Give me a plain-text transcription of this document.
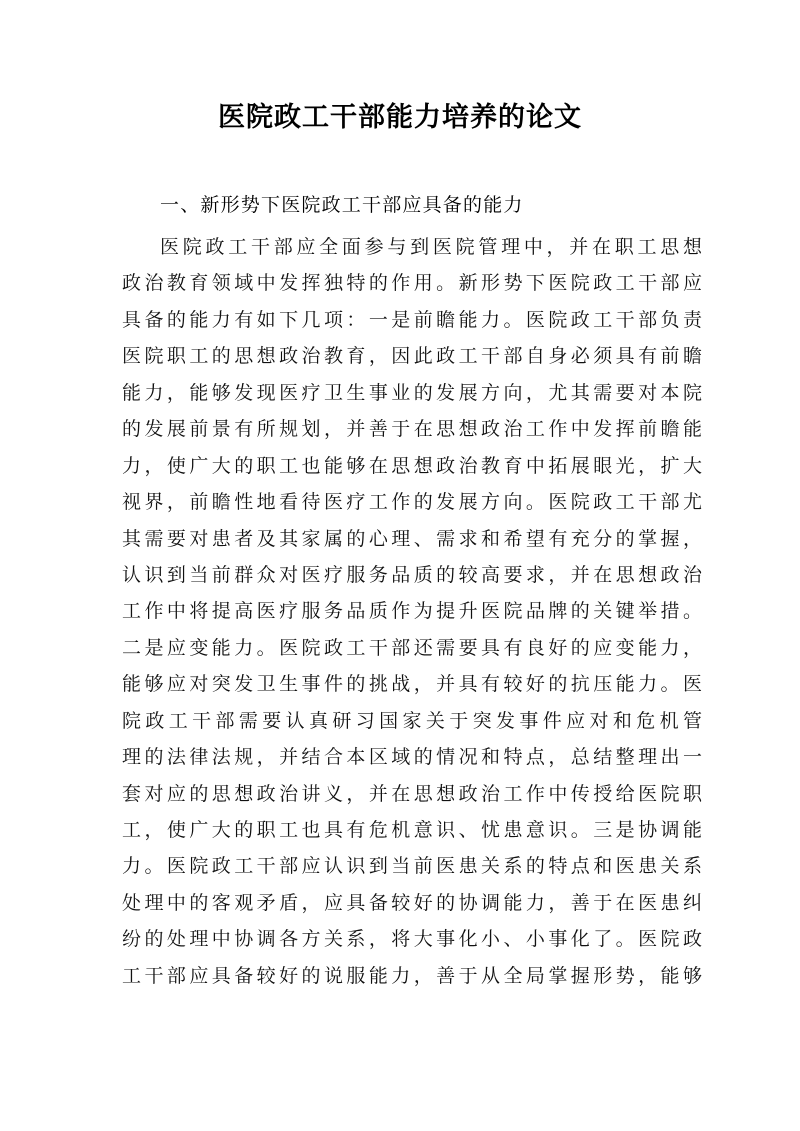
医院政工干部能力培养的论文
一、新形势下医院政工干部应具备的能力
医院政工干部应全面参与到医院管理中，并在职工思想
政治教育领域中发挥独特的作用。新形势下医院政工干部应
具备的能力有如下几项：一是前瞻能力。医院政工干部负责
医院职工的思想政治教育，因此政工干部自身必须具有前瞻
能力，能够发现医疗卫生事业的发展方向，尤其需要对本院
的发展前景有所规划，并善于在思想政治工作中发挥前瞻能
力，使广大的职工也能够在思想政治教育中拓展眼光，扩大
视界，前瞻性地看待医疗工作的发展方向。医院政工干部尤
其需要对患者及其家属的心理、需求和希望有充分的掌握，
认识到当前群众对医疗服务品质的较高要求，并在思想政治
工作中将提高医疗服务品质作为提升医院品牌的关键举措。
二是应变能力。医院政工干部还需要具有良好的应变能力，
能够应对突发卫生事件的挑战，并具有较好的抗压能力。医
院政工干部需要认真研习国家关于突发事件应对和危机管
理的法律法规，并结合本区域的情况和特点，总结整理出一
套对应的思想政治讲义，并在思想政治工作中传授给医院职
工，使广大的职工也具有危机意识、忧患意识。三是协调能
力。医院政工干部应认识到当前医患关系的特点和医患关系
处理中的客观矛盾，应具备较好的协调能力，善于在医患纠
纷的处理中协调各方关系，将大事化小、小事化了。医院政
工干部应具备较好的说服能力，善于从全局掌握形势，能够
